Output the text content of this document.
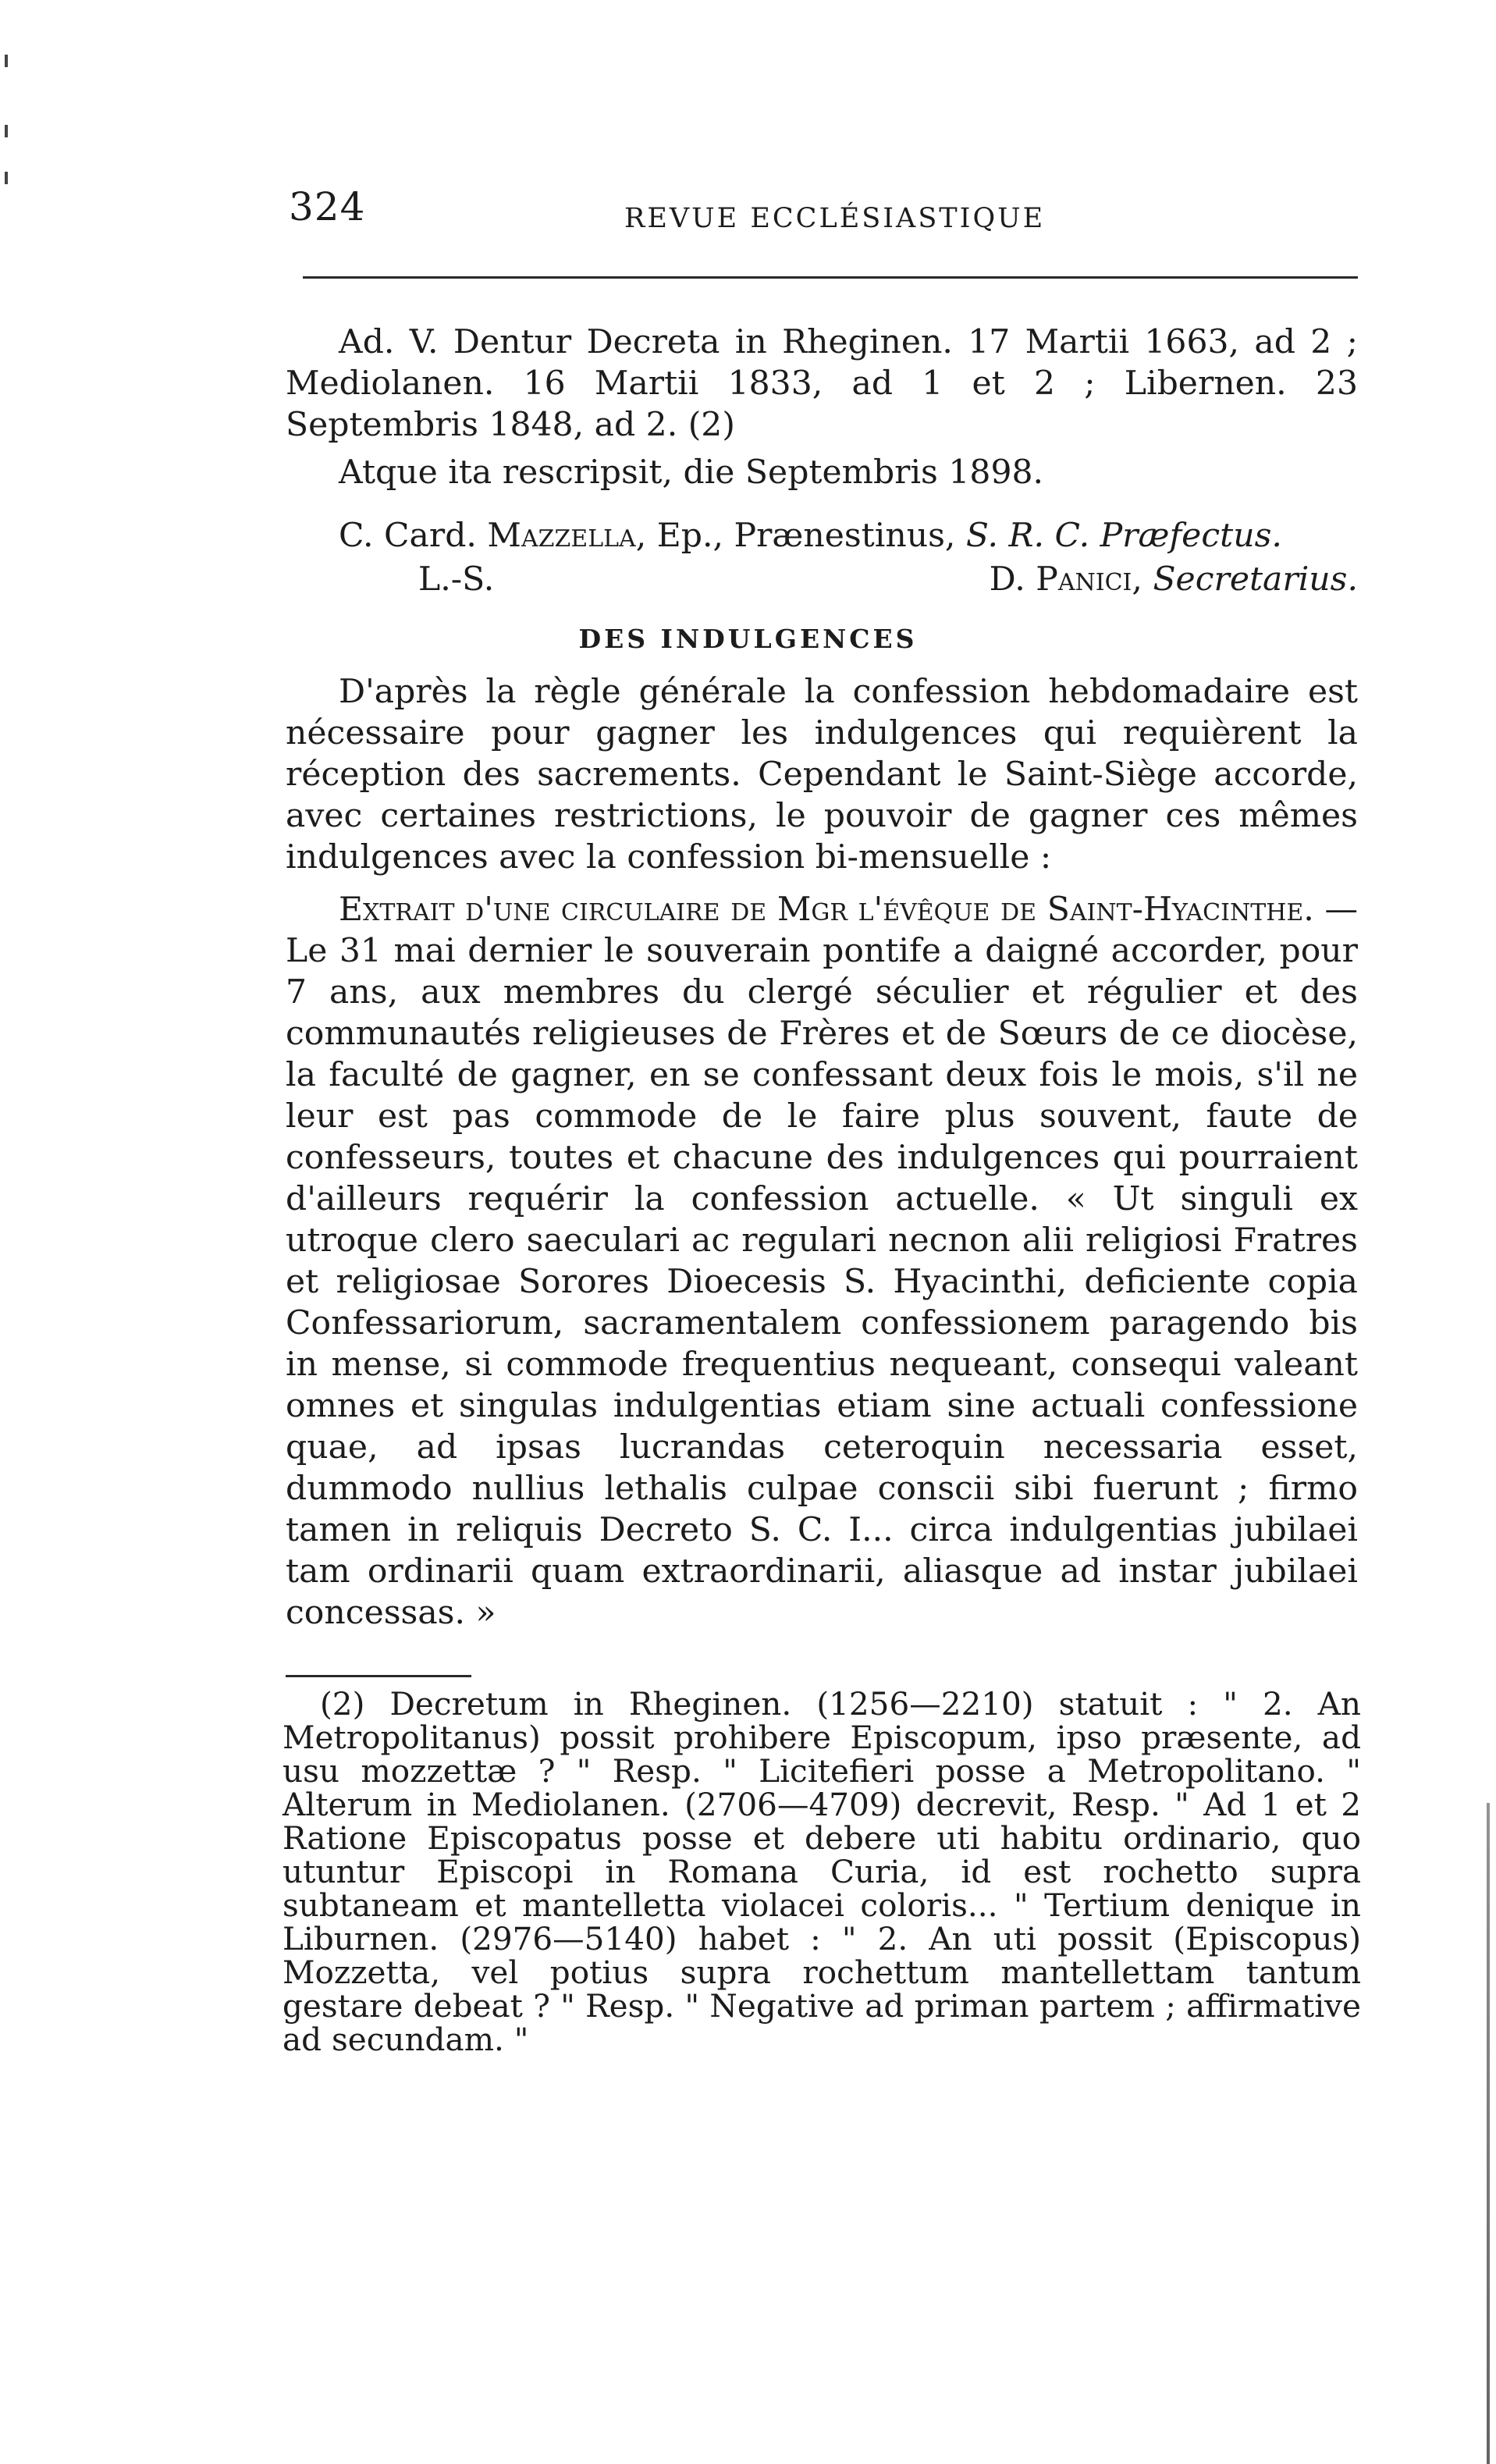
324	REVUE ECCLÉSIASTIQUE

Ad. V. Dentur Decreta in Rheginen. 17 Martii 1663, ad 2 ; Mediolanen. 16 Martii 1833, ad 1 et 2 ; Libernen. 23 Septembris 1848, ad 2. (2)

Atque ita rescripsit, die Septembris 1898.

C. Card. Mazzella, Ep., Prænestinus, S. R. C. Præfectus.
L.-S.	D. Panici, Secretarius.
DES INDULGENCES

D'après la règle générale la confession hebdomadaire est nécessaire pour gagner les indulgences qui requièrent la réception des sacrements. Cependant le Saint-Siège accorde, avec certaines restrictions, le pouvoir de gagner ces mêmes indulgences avec la confession bi-mensuelle :

Extrait d'une circulaire de Mgr l'évêque de Saint-Hyacinthe. — Le 31 mai dernier le souverain pontife a daigné accorder, pour 7 ans, aux membres du clergé séculier et régulier et des communautés religieuses de Frères et de Sœurs de ce diocèse, la faculté de gagner, en se confessant deux fois le mois, s'il ne leur est pas commode de le faire plus souvent, faute de confesseurs, toutes et chacune des indulgences qui pourraient d'ailleurs requérir la confession actuelle. « Ut singuli ex utroque clero saeculari ac regulari necnon alii religiosi Fratres et religiosae Sorores Dioecesis S. Hyacinthi, deficiente copia Confessariorum, sacramentalem confessionem paragendo bis in mense, si commode frequentius nequeant, consequi valeant omnes et singulas indulgentias etiam sine actuali confessione quae, ad ipsas lucrandas ceteroquin necessaria esset, dummodo nullius lethalis culpae conscii sibi fuerunt ; firmo tamen in reliquis Decreto S. C. I... circa indulgentias jubilaei tam ordinarii quam extraordinarii, aliasque ad instar jubilaei concessas. »

(2) Decretum in Rheginen. (1256—2210) statuit : " 2. An Metropolitanus) possit prohibere Episcopum, ipso præsente, ad usu mozzettæ ? " Resp. " Licitefieri posse a Metropolitano. " Alterum in Mediolanen. (2706—4709) decrevit, Resp. " Ad 1 et 2 Ratione Episcopatus posse et debere uti habitu ordinario, quo utuntur Episcopi in Romana Curia, id est rochetto supra subtaneam et mantelletta violacei coloris... " Tertium denique in Liburnen. (2976—5140) habet : " 2. An uti possit (Episcopus) Mozzetta, vel potius supra rochettum mantellettam tantum gestare debeat ? " Resp. " Negative ad priman partem ; affirmative ad secundam. "
